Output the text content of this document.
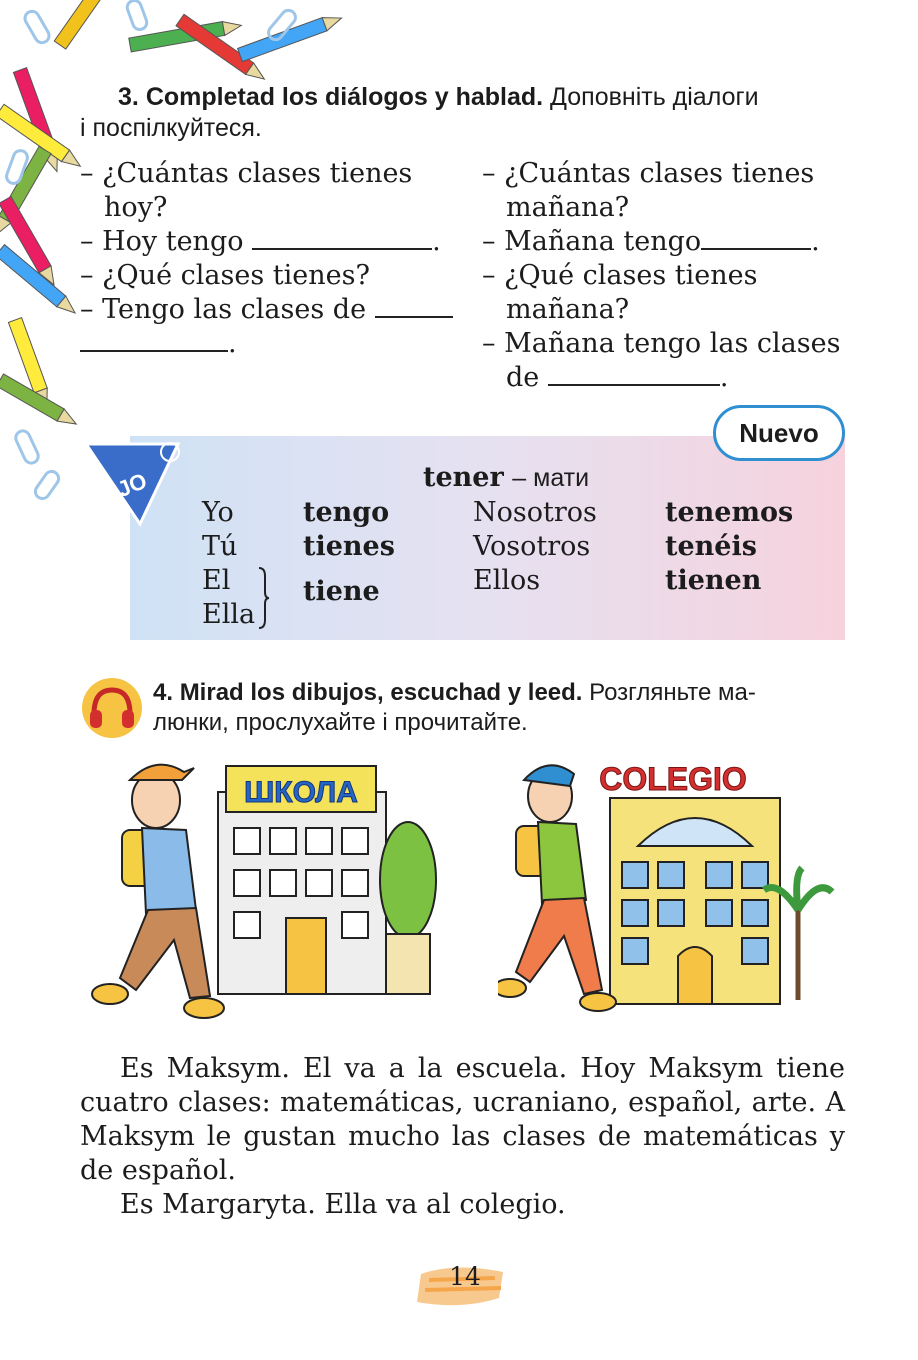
3. Completad los diálogos y hablad. Доповніть діалоги
і поспілкуйтеся.
– ¿Cuántas clases tienes
hoy?
– Hoy tengo	.
– ¿Qué clases tienes?
– Tengo las clases de
.
– ¿Cuántas clases tienes
mañana?
– Mañana tengo	.
– ¿Qué clases tienes
mañana?
– Mañana tengo las clases
de	.
OJO
Nuevo
tener – мати
Yo	tengo	Nosotros	tenemos
Tú tienes	Vosotros	tenéis
El
Ella
tiene	Ellos	tienen
4. Mirad los dibujos, escuchad y leed. Розгляньте ма-
люнки, прослухайте і прочитайте.
ШКОЛА	COLEGIO
Es Maksym. El va a la escuela. Hoy Maksym tiene cuatro clases: matemáticas, ucraniano, español, arte. A Maksym le gustan mucho las clases de matemáticas y de español.
Es Margaryta. Ella va al colegio.
14
